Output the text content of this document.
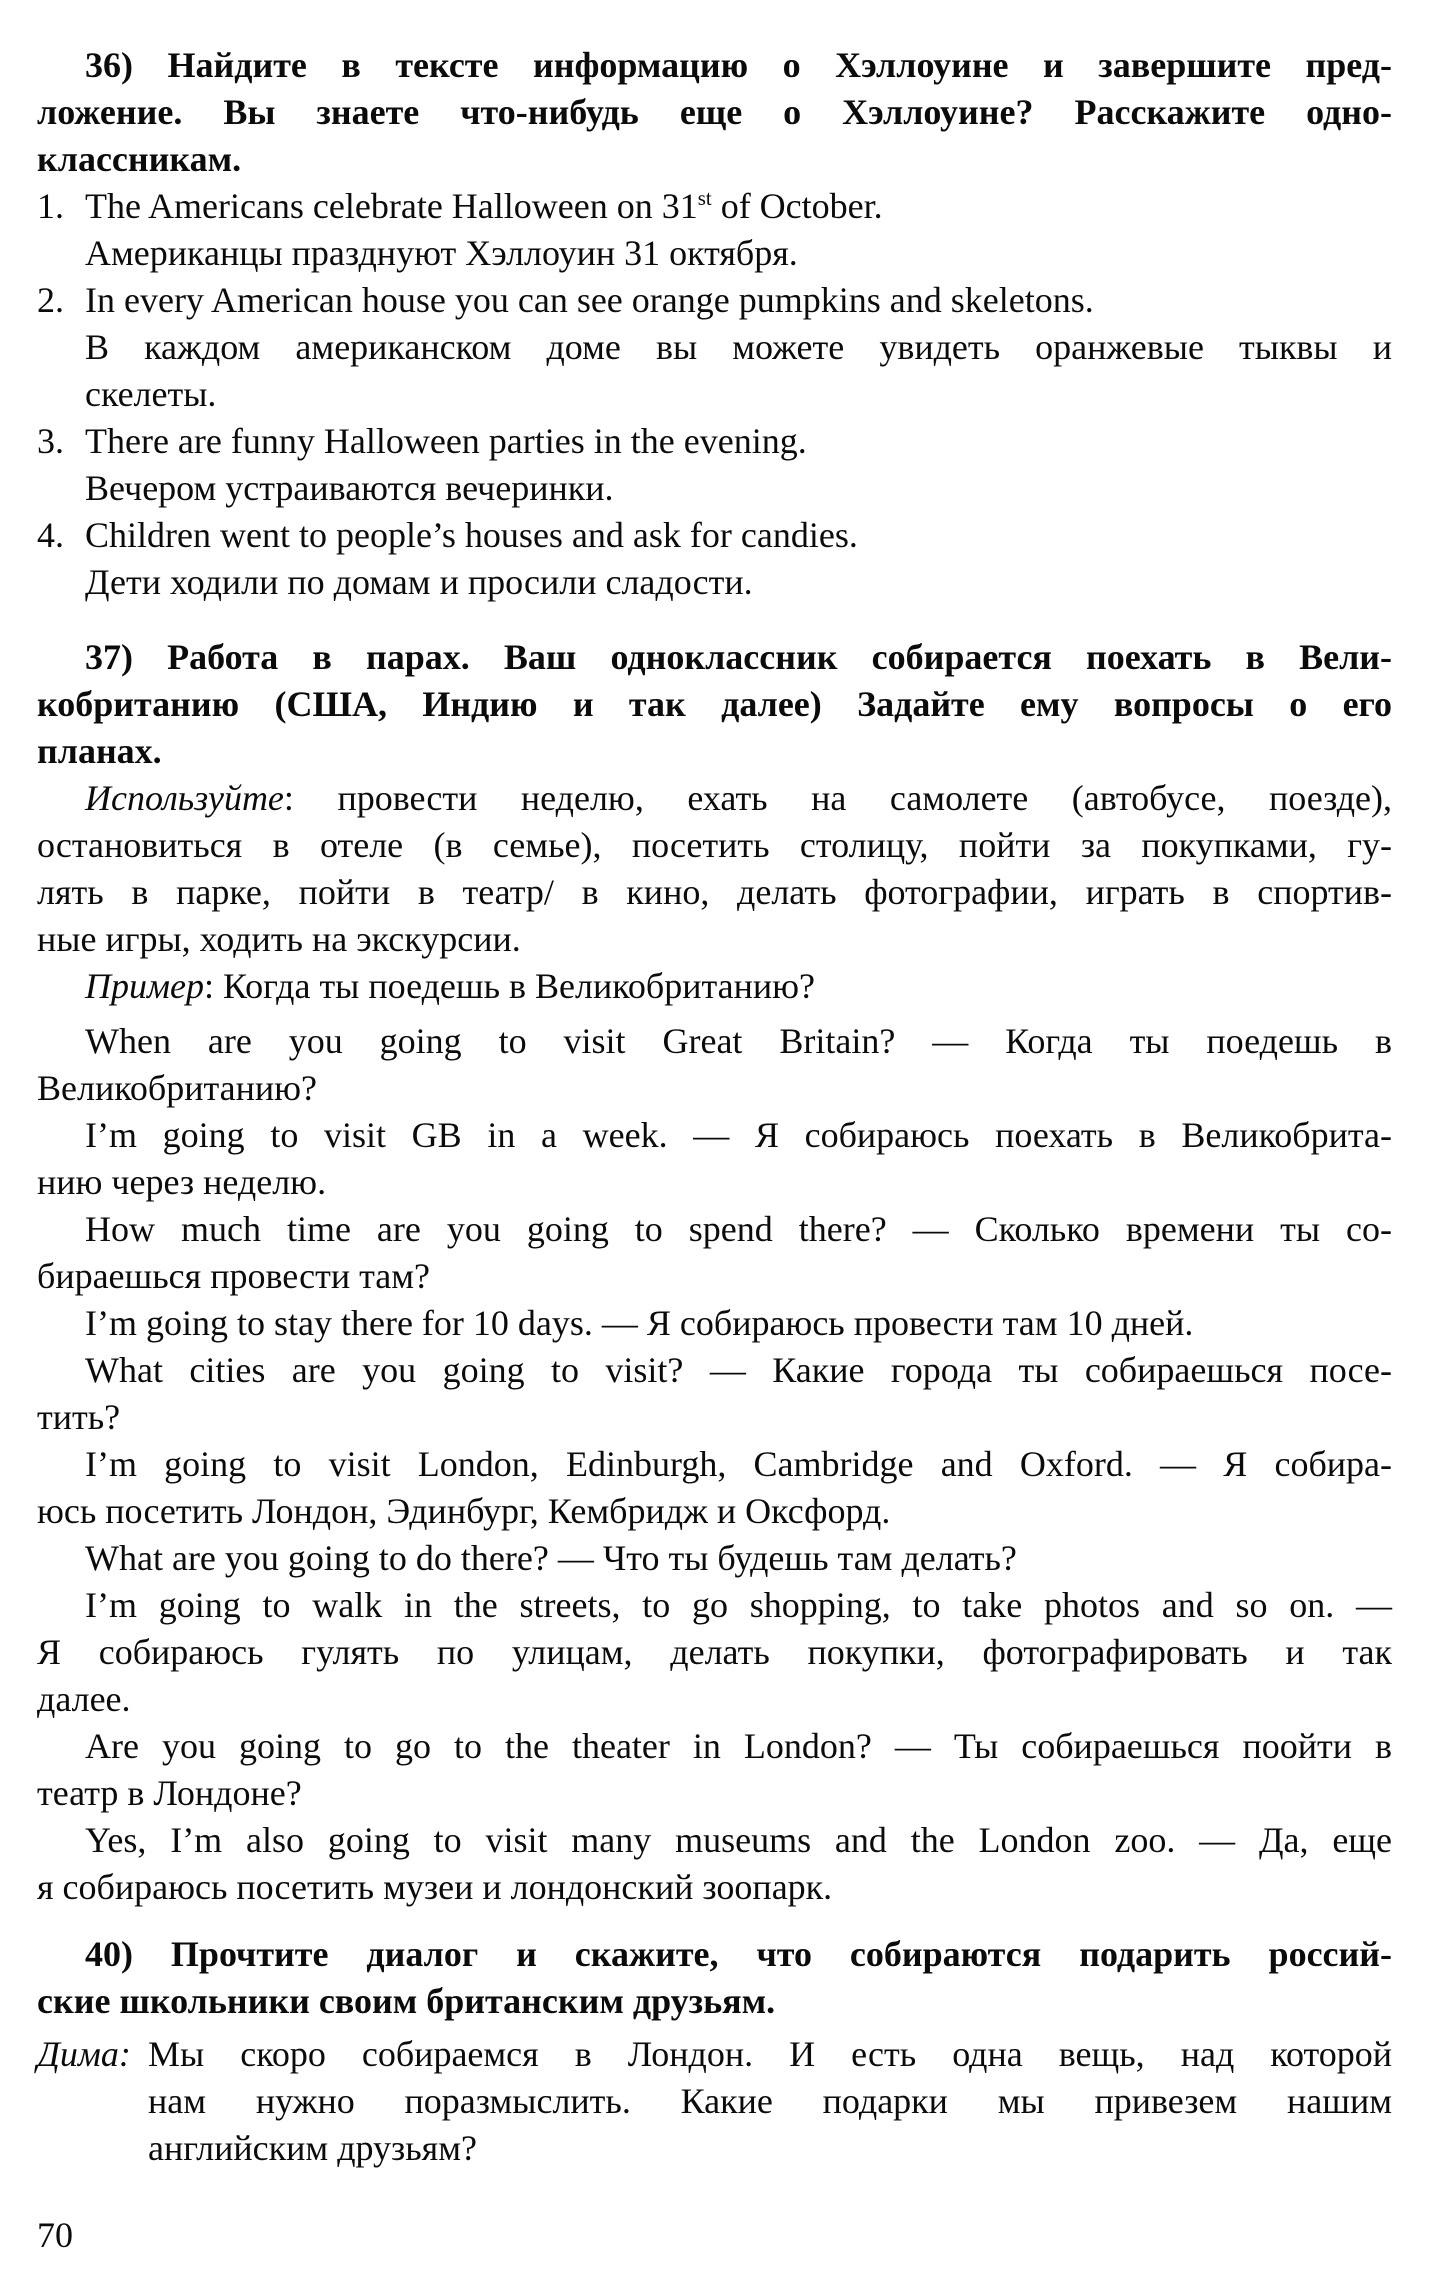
36) Найдите в тексте информацию о Хэллоуине и завершите пред-
ложение. Вы знаете что-нибудь еще о Хэллоуине? Расскажите одно-
классникам.
1. The Americans celebrate Halloween on 31st of October.
Американцы празднуют Хэллоуин 31 октября.
2. In every American house you can see orange pumpkins and skeletons.
В каждом американском доме вы можете увидеть оранжевые тыквы и
скелеты.
3. There are funny Halloween parties in the evening.
Вечером устраиваются вечеринки.
4. Children went to people’s houses and ask for candies.
Дети ходили по домам и просили сладости.
37) Работа в парах. Ваш одноклассник собирается поехать в Вели-
кобританию (США, Индию и так далее) Задайте ему вопросы о его
планах.
Используйте: провести неделю, ехать на самолете (автобусе, поезде),
остановиться в отеле (в семье), посетить столицу, пойти за покупками, гу-
лять в парке, пойти в театр/ в кино, делать фотографии, играть в спортив-
ные игры, ходить на экскурсии.
Пример: Когда ты поедешь в Великобританию?
When are you going to visit Great Britain? — Когда ты поедешь в
Великобританию?
I’m going to visit GB in a week. — Я собираюсь поехать в Великобрита-
нию через неделю.
How much time are you going to spend there? — Сколько времени ты со-
бираешься провести там?
I’m going to stay there for 10 days. — Я собираюсь провести там 10 дней.
What cities are you going to visit? — Какие города ты собираешься посе-
тить?
I’m going to visit London, Edinburgh, Cambridge and Oxford. — Я собира-
юсь посетить Лондон, Эдинбург, Кембридж и Оксфорд.
What are you going to do there? — Что ты будешь там делать?
I’m going to walk in the streets, to go shopping, to take photos and so on. —
Я собираюсь гулять по улицам, делать покупки, фотографировать и так
далее.
Are you going to go to the theater in London? — Ты собираешься поойти в
театр в Лондоне?
Yes, I’m also going to visit many museums and the London zoo. — Да, еще
я собираюсь посетить музеи и лондонский зоопарк.
40) Прочтите диалог и скажите, что собираются подарить россий-
ские школьники своим британским друзьям.
Дима: Мы скоро собираемся в Лондон. И есть одна вещь, над которой
нам нужно поразмыслить. Какие подарки мы привезем нашим
английским друзьям?
70
